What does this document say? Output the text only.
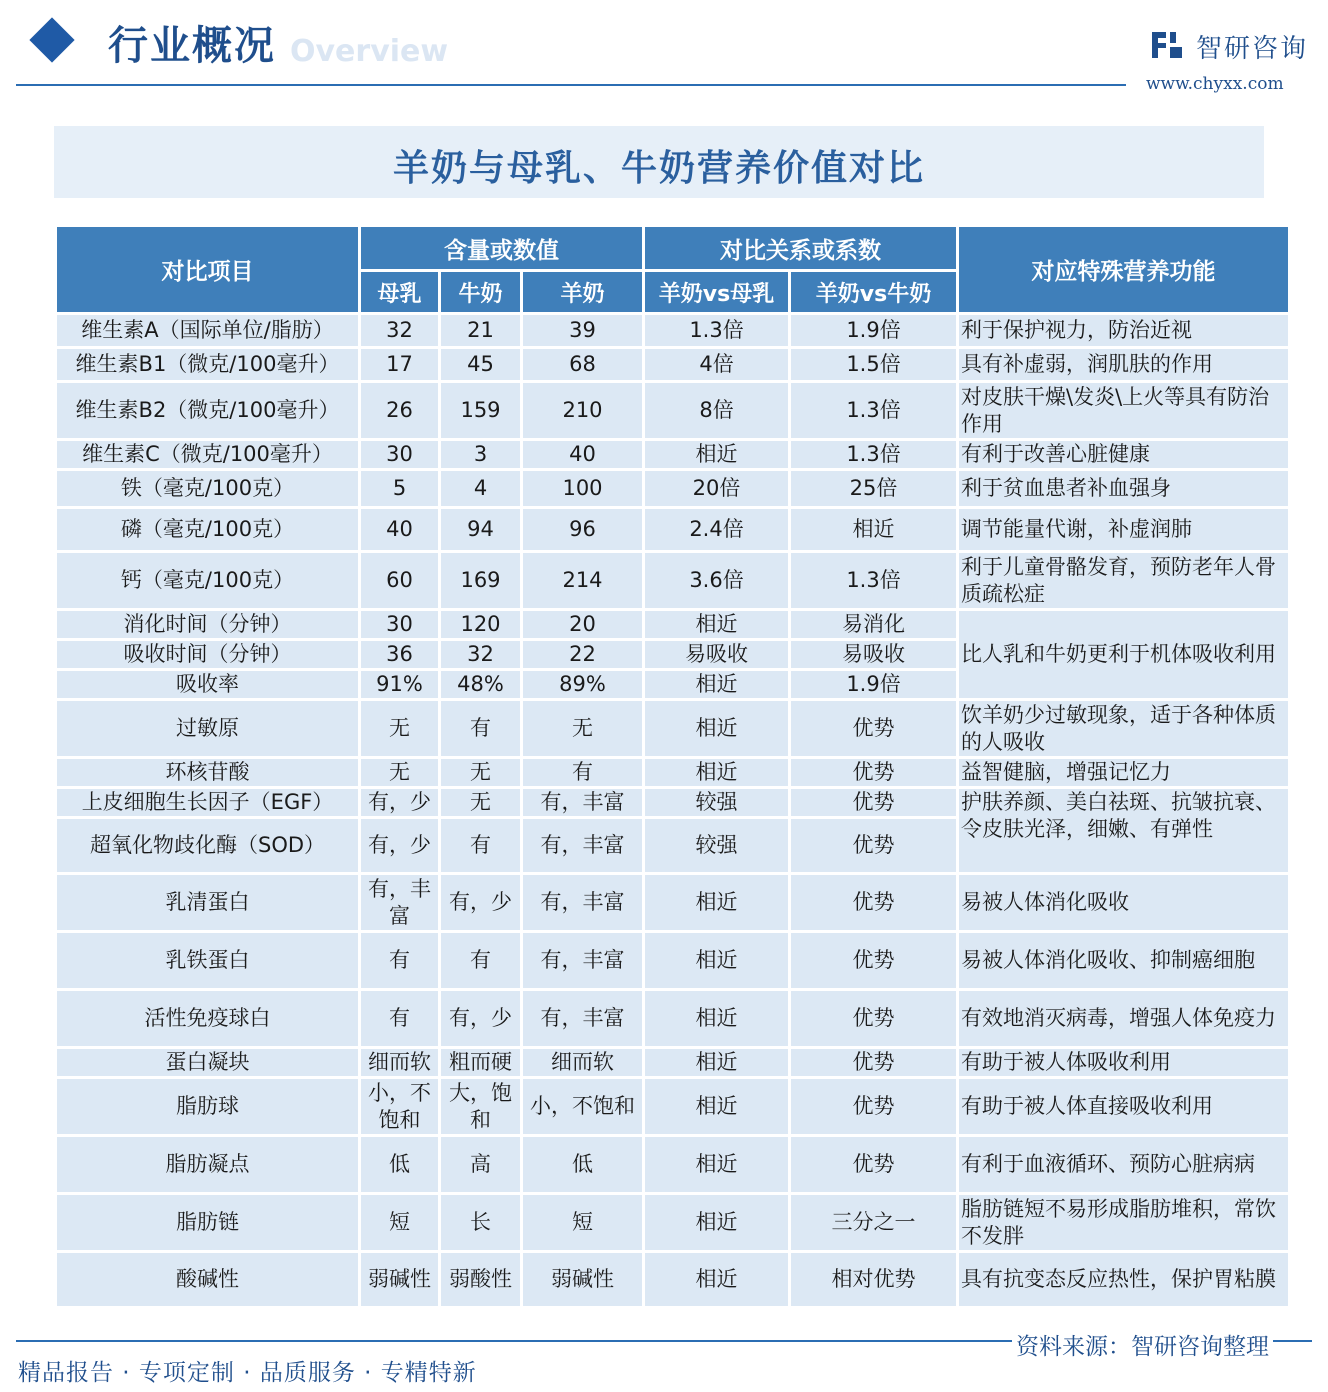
Overview
行业概况	智研咨询
www.chyxx.com
羊奶与母乳、牛奶营养价值对比
对比项目	含量或数值			对比关系或系数		对应特殊营养功能
	母乳	牛奶	羊奶	羊奶vs母乳	羊奶vs牛奶	
维生素A（国际单位/脂肪）	32	21	39	1.3倍	1.9倍	利于保护视力，防治近视
维生素B1（微克/100毫升）	17	45	68	4倍	1.5倍	具有补虚弱，润肌肤的作用
维生素B2（微克/100毫升）	26	159	210	8倍	1.3倍	对皮肤干燥\发炎\上火等具有防治作用
维生素C（微克/100毫升）	30	3	40	相近	1.3倍	有利于改善心脏健康
铁（毫克/100克）	5	4	100	20倍	25倍	利于贫血患者补血强身
磷（毫克/100克）	40	94	96	2.4倍	相近	调节能量代谢，补虚润肺
钙（毫克/100克）	60	169	214	3.6倍	1.3倍	利于儿童骨骼发育，预防老年人骨质疏松症
消化时间（分钟）	30	120	20	相近	易消化	比人乳和牛奶更利于机体吸收利用
吸收时间（分钟）	36	32	22	易吸收	易吸收	
吸收率	91%	48%	89%	相近	1.9倍	
过敏原	无	有	无	相近	优势	饮羊奶少过敏现象，适于各种体质的人吸收
环核苷酸	无	无	有	相近	优势	益智健脑，增强记忆力
上皮细胞生长因子（EGF）	有，少	无	有，丰富	较强	优势	护肤养颜、美白祛斑、抗皱抗衰、令皮肤光泽，细嫩、有弹性
超氧化物歧化酶（SOD）	有，少	有	有，丰富	较强	优势	
乳清蛋白	有，丰富	有，少	有，丰富	相近	优势	易被人体消化吸收
乳铁蛋白	有	有	有，丰富	相近	优势	易被人体消化吸收、抑制癌细胞
活性免疫球白	有	有，少	有，丰富	相近	优势	有效地消灭病毒，增强人体免疫力
蛋白凝块	细而软	粗而硬	细而软	相近	优势	有助于被人体吸收利用
脂肪球	小，不饱和	大，饱和	小，不饱和	相近	优势	有助于被人体直接吸收利用
脂肪凝点	低	高	低	相近	优势	有利于血液循环、预防心脏病病
脂肪链	短	长	短	相近	三分之一	脂肪链短不易形成脂肪堆积，常饮不发胖
酸碱性	弱碱性	弱酸性	弱碱性	相近	相对优势	具有抗变态反应热性，保护胃粘膜
精品报告 · 专项定制 · 品质服务 · 专精特新
资料来源：智研咨询整理
